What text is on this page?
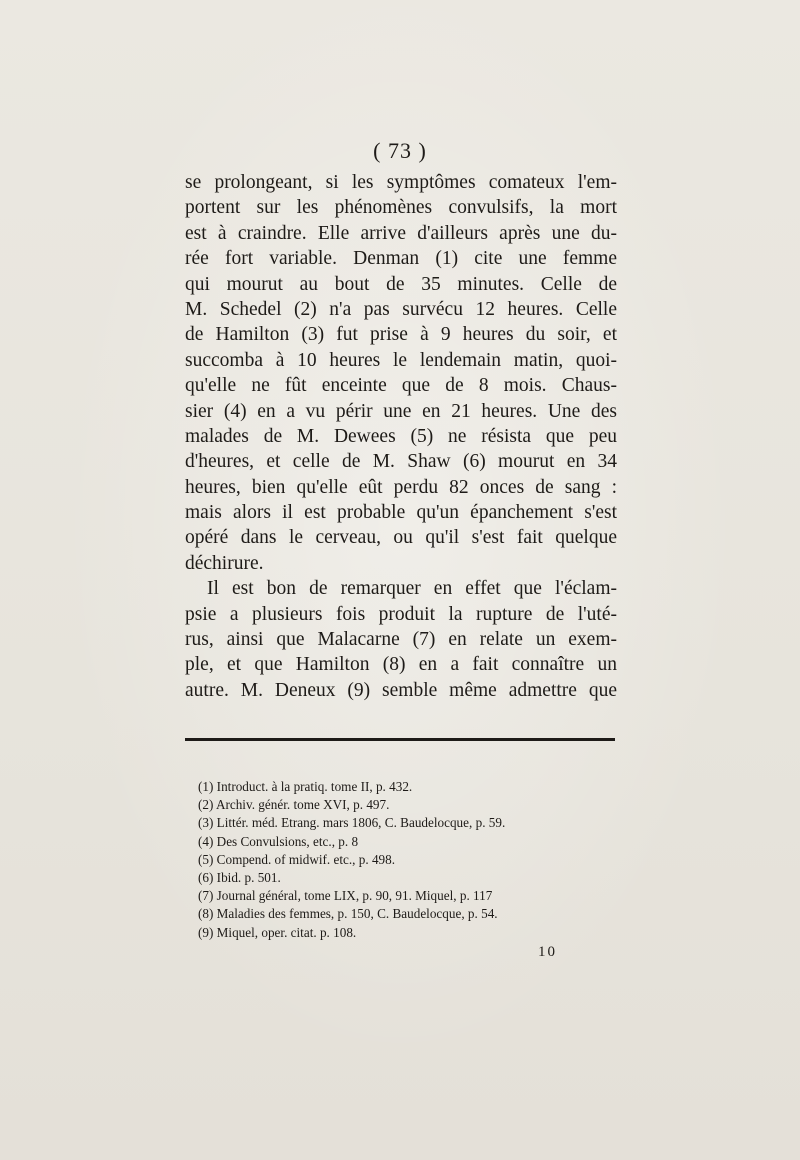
( 73 )
se prolongeant, si les symptômes comateux l'em-
portent sur les phénomènes convulsifs, la mort
est à craindre. Elle arrive d'ailleurs après une du-
rée fort variable. Denman (1) cite une femme
qui mourut au bout de 35 minutes. Celle de
M. Schedel (2) n'a pas survécu 12 heures. Celle
de Hamilton (3) fut prise à 9 heures du soir, et
succomba à 10 heures le lendemain matin, quoi-
qu'elle ne fût enceinte que de 8 mois. Chaus-
sier (4) en a vu périr une en 21 heures. Une des
malades de M. Dewees (5) ne résista que peu
d'heures, et celle de M. Shaw (6) mourut en 34
heures, bien qu'elle eût perdu 82 onces de sang :
mais alors il est probable qu'un épanchement s'est
opéré dans le cerveau, ou qu'il s'est fait quelque
déchirure.
Il est bon de remarquer en effet que l'éclam-
psie a plusieurs fois produit la rupture de l'uté-
rus, ainsi que Malacarne (7) en relate un exem-
ple, et que Hamilton (8) en a fait connaître un
autre. M. Deneux (9) semble même admettre que
(1) Introduct. à la pratiq. tome II, p. 432.
(2) Archiv. génér. tome XVI, p. 497.
(3) Littér. méd. Etrang. mars 1806, C. Baudelocque, p. 59.
(4) Des Convulsions, etc., p. 8
(5) Compend. of midwif. etc., p. 498.
(6) Ibid. p. 501.
(7) Journal général, tome LIX, p. 90, 91. Miquel, p. 117
(8) Maladies des femmes, p. 150, C. Baudelocque, p. 54.
(9) Miquel, oper. citat. p. 108.
10
